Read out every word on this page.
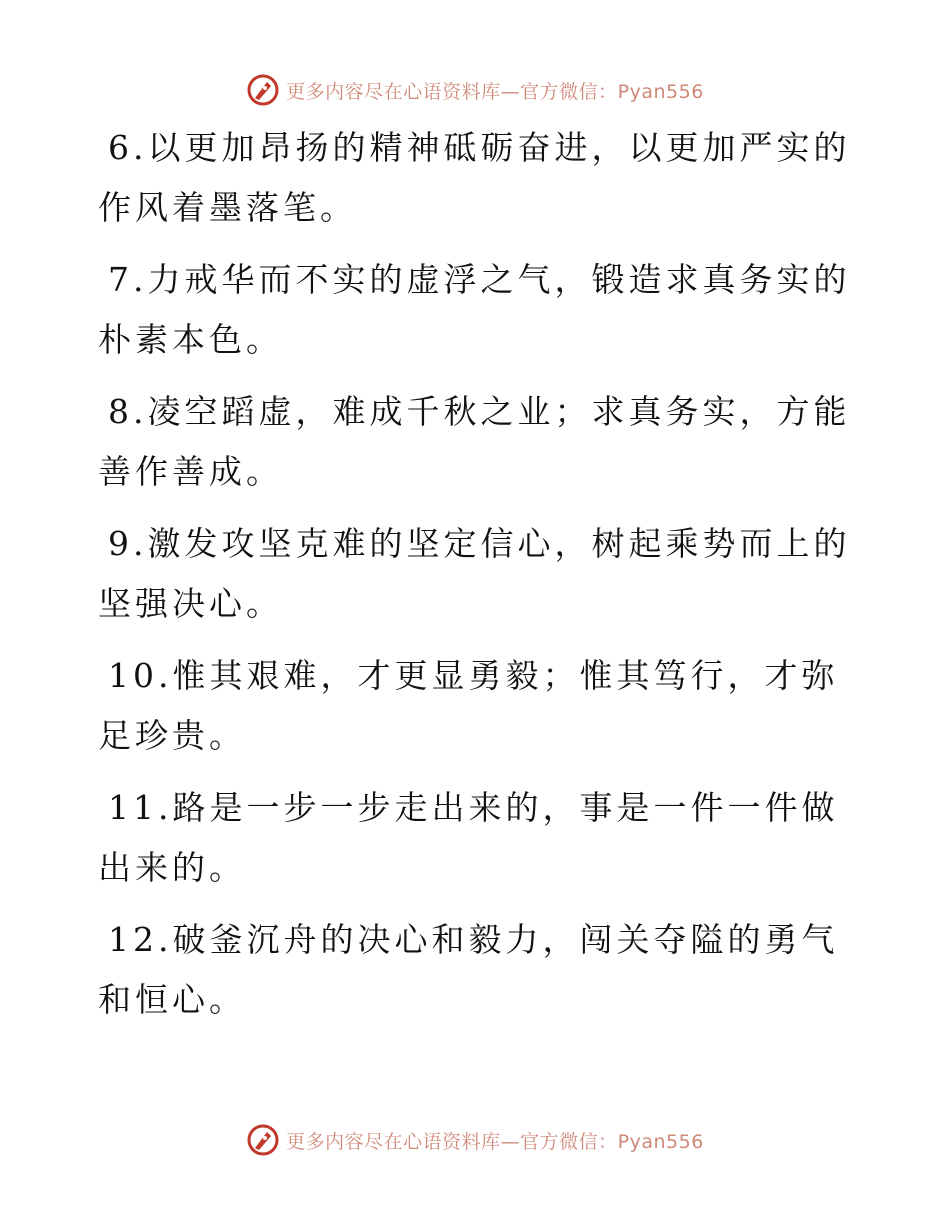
更多内容尽在心语资料库—官方微信：Pyan556

6.以更加昂扬的精神砥砺奋进，以更加严实的作风着墨落笔。

7.力戒华而不实的虚浮之气，锻造求真务实的朴素本色。

8.凌空蹈虚，难成千秋之业；求真务实，方能善作善成。

9.激发攻坚克难的坚定信心，树起乘势而上的坚强决心。

10.惟其艰难，才更显勇毅；惟其笃行，才弥足珍贵。

11.路是一步一步走出来的，事是一件一件做出来的。

12.破釜沉舟的决心和毅力，闯关夺隘的勇气和恒心。

更多内容尽在心语资料库—官方微信：Pyan556
